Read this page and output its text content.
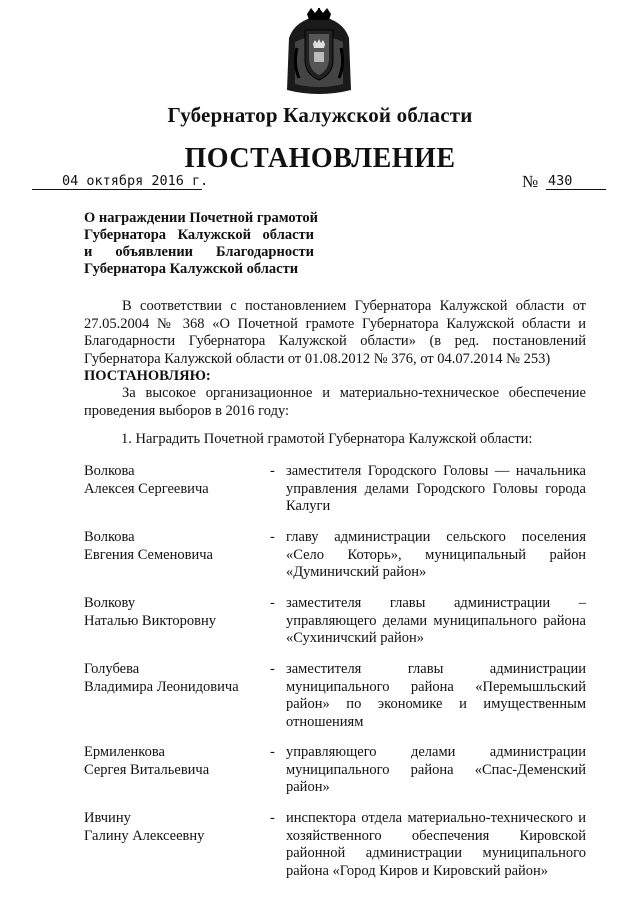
Губернатор Калужской области
ПОСТАНОВЛЕНИЕ
04 октября 2016 г.	№ 430
О награждении Почетной грамотой
Губернатора Калужской области
и объявлении Благодарности
Губернатора Калужской области
В соответствии с постановлением Губернатора Калужской области от 27.05.2004 № 368 «О Почетной грамоте Губернатора Калужской области и Благодарности Губернатора Калужской области» (в ред. постановлений Губернатора Калужской области от 01.08.2012 № 376, от 04.07.2014 № 253)
ПОСТАНОВЛЯЮ:
За высокое организационное и материально-техническое обеспечение проведения выборов в 2016 году:
1. Наградить Почетной грамотой Губернатора Калужской области:
Волкова
Алексея Сергеевича
- заместителя Городского Головы — начальника управления делами Городского Головы города Калуги
Волкова
Евгения Семеновича
- главу администрации сельского поселения «Село Которь», муниципальный район «Думиничский район»
Волкову
Наталью Викторовну
- заместителя главы администрации – управляющего делами муниципального района «Сухиничский район»
Голубева
Владимира Леонидовича
- заместителя главы администрации муниципального района «Перемышльский район» по экономике и имущественным отношениям
Ермиленкова
Сергея Витальевича
- управляющего делами администрации муниципального района «Спас-Деменский район»
Ивчину
Галину Алексеевну
- инспектора отдела материально-технического и хозяйственного обеспечения Кировской районной администрации муниципального района «Город Киров и Кировский район»
